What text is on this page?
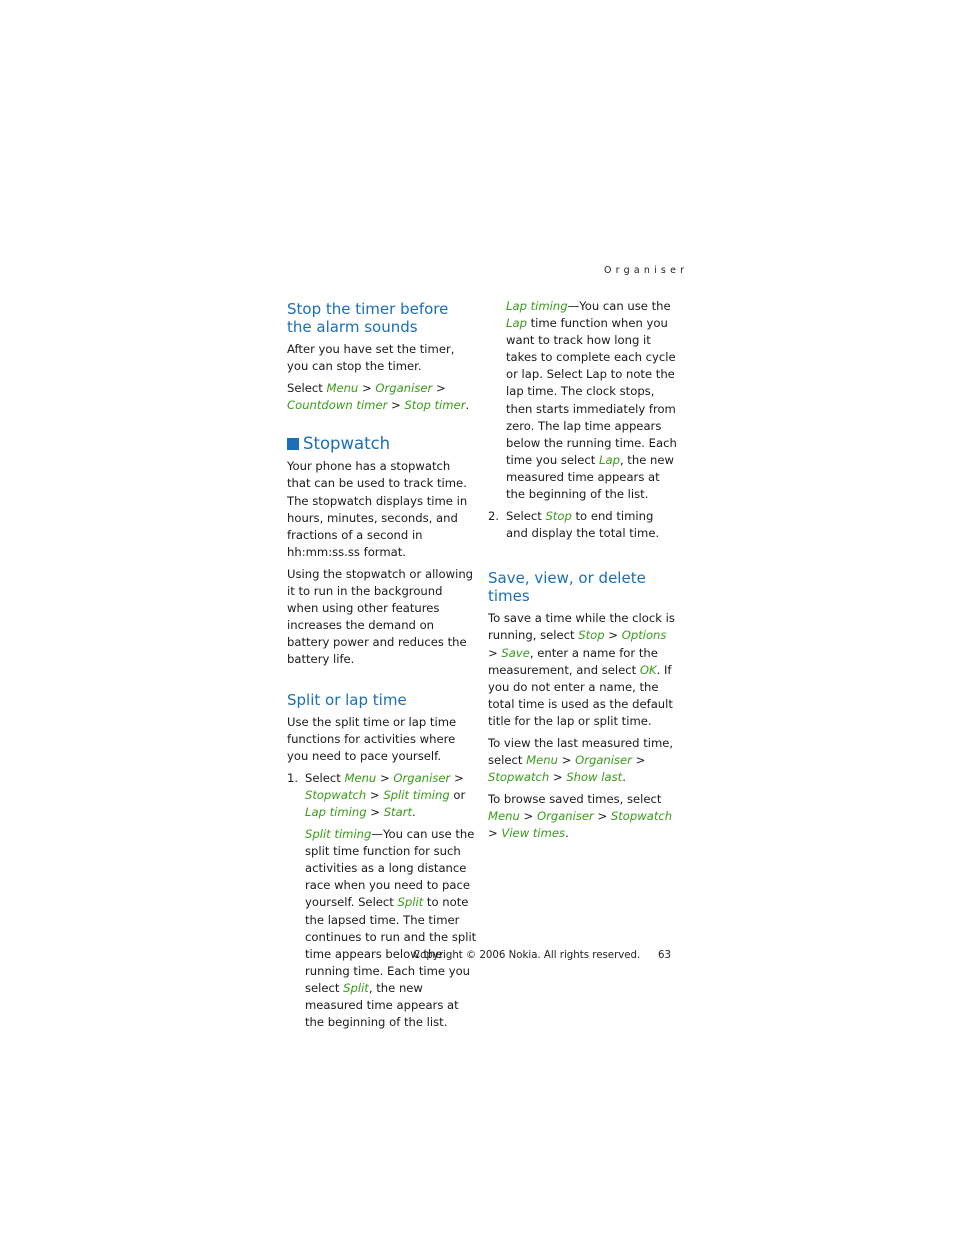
Organiser
Stop the timer before the alarm sounds

After you have set the timer, you can stop the timer.

Select Menu > Organiser > Countdown timer > Stop timer.

Stopwatch

Your phone has a stopwatch that can be used to track time. The stopwatch displays time in hours, minutes, seconds, and fractions of a second in hh:mm:ss.ss format.

Using the stopwatch or allowing it to run in the background when using other features increases the demand on battery power and reduces the battery life.

Split or lap time

Use the split time or lap time functions for activities where you need to pace yourself.

1. Select Menu > Organiser > Stopwatch > Split timing or Lap timing > Start.

Split timing—You can use the split time function for such activities as a long distance race when you need to pace yourself. Select Split to note the lapsed time. The timer continues to run and the split time appears below the running time. Each time you select Split, the new measured time appears at the beginning of the list.

Lap timing—You can use the Lap time function when you want to track how long it takes to complete each cycle or lap. Select Lap to note the lap time. The clock stops, then starts immediately from zero. The lap time appears below the running time. Each time you select Lap, the new measured time appears at the beginning of the list.

2. Select Stop to end timing and display the total time.

Save, view, or delete times

To save a time while the clock is running, select Stop > Options > Save, enter a name for the measurement, and select OK. If you do not enter a name, the total time is used as the default title for the lap or split time.

To view the last measured time, select Menu > Organiser > Stopwatch > Show last.

To browse saved times, select Menu > Organiser > Stopwatch > View times.

Copyright © 2006 Nokia. All rights reserved. 63
